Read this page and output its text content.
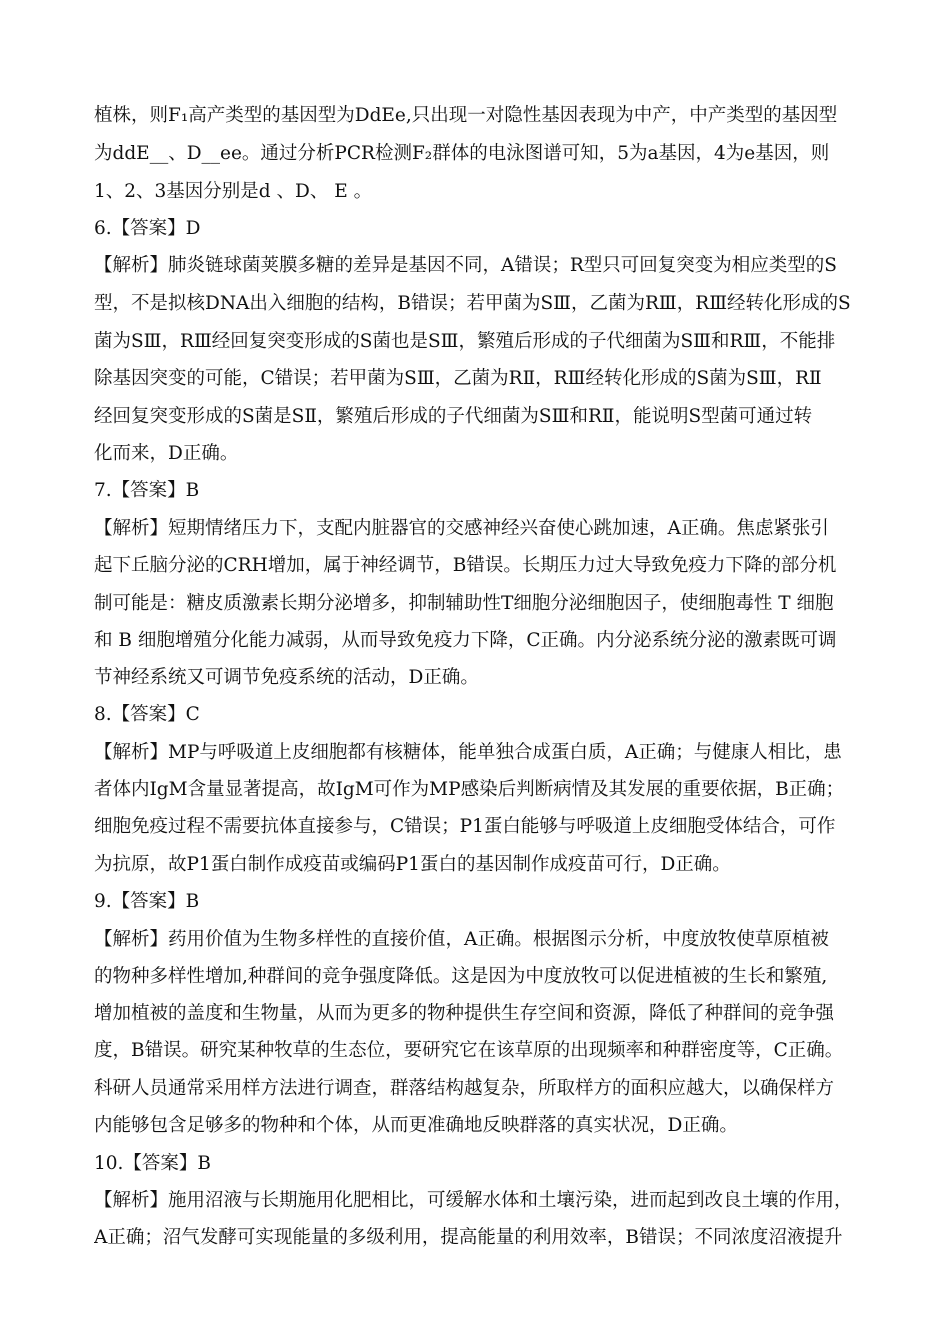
植株，则F₁高产类型的基因型为DdEe,只出现一对隐性基因表现为中产，中产类型的基因型
为ddE__、D__ee。通过分析PCR检测F₂群体的电泳图谱可知，5为a基因，4为e基因，则
1、2、3基因分别是d 、D、 E 。
6.【答案】D
【解析】肺炎链球菌荚膜多糖的差异是基因不同，A错误；R型只可回复突变为相应类型的S
型，不是拟核DNA出入细胞的结构，B错误；若甲菌为SⅢ，乙菌为RⅢ，RⅢ经转化形成的S
菌为SⅢ，RⅢ经回复突变形成的S菌也是SⅢ，繁殖后形成的子代细菌为SⅢ和RⅢ，不能排
除基因突变的可能，C错误；若甲菌为SⅢ，乙菌为RⅡ，RⅢ经转化形成的S菌为SⅢ，RⅡ
经回复突变形成的S菌是SⅡ，繁殖后形成的子代细菌为SⅢ和RⅡ，能说明S型菌可通过转
化而来，D正确。
7.【答案】B
【解析】短期情绪压力下，支配内脏器官的交感神经兴奋使心跳加速，A正确。焦虑紧张引
起下丘脑分泌的CRH增加，属于神经调节，B错误。长期压力过大导致免疫力下降的部分机
制可能是：糖皮质激素长期分泌增多，抑制辅助性T细胞分泌细胞因子，使细胞毒性 T 细胞
和 B 细胞增殖分化能力减弱，从而导致免疫力下降，C正确。内分泌系统分泌的激素既可调
节神经系统又可调节免疫系统的活动，D正确。
8.【答案】C
【解析】MP与呼吸道上皮细胞都有核糖体，能单独合成蛋白质，A正确；与健康人相比，患
者体内IgM含量显著提高，故IgM可作为MP感染后判断病情及其发展的重要依据，B正确；
细胞免疫过程不需要抗体直接参与，C错误；P1蛋白能够与呼吸道上皮细胞受体结合，可作
为抗原，故P1蛋白制作成疫苗或编码P1蛋白的基因制作成疫苗可行，D正确。
9.【答案】B
【解析】药用价值为生物多样性的直接价值，A正确。根据图示分析，中度放牧使草原植被
的物种多样性增加,种群间的竞争强度降低。这是因为中度放牧可以促进植被的生长和繁殖,
增加植被的盖度和生物量，从而为更多的物种提供生存空间和资源，降低了种群间的竞争强
度，B错误。研究某种牧草的生态位，要研究它在该草原的出现频率和种群密度等，C正确。
科研人员通常采用样方法进行调查，群落结构越复杂，所取样方的面积应越大，以确保样方
内能够包含足够多的物种和个体，从而更准确地反映群落的真实状况，D正确。
10.【答案】B
【解析】施用沼液与长期施用化肥相比，可缓解水体和土壤污染，进而起到改良土壤的作用，
A正确；沼气发酵可实现能量的多级利用，提高能量的利用效率，B错误；不同浓度沼液提升
